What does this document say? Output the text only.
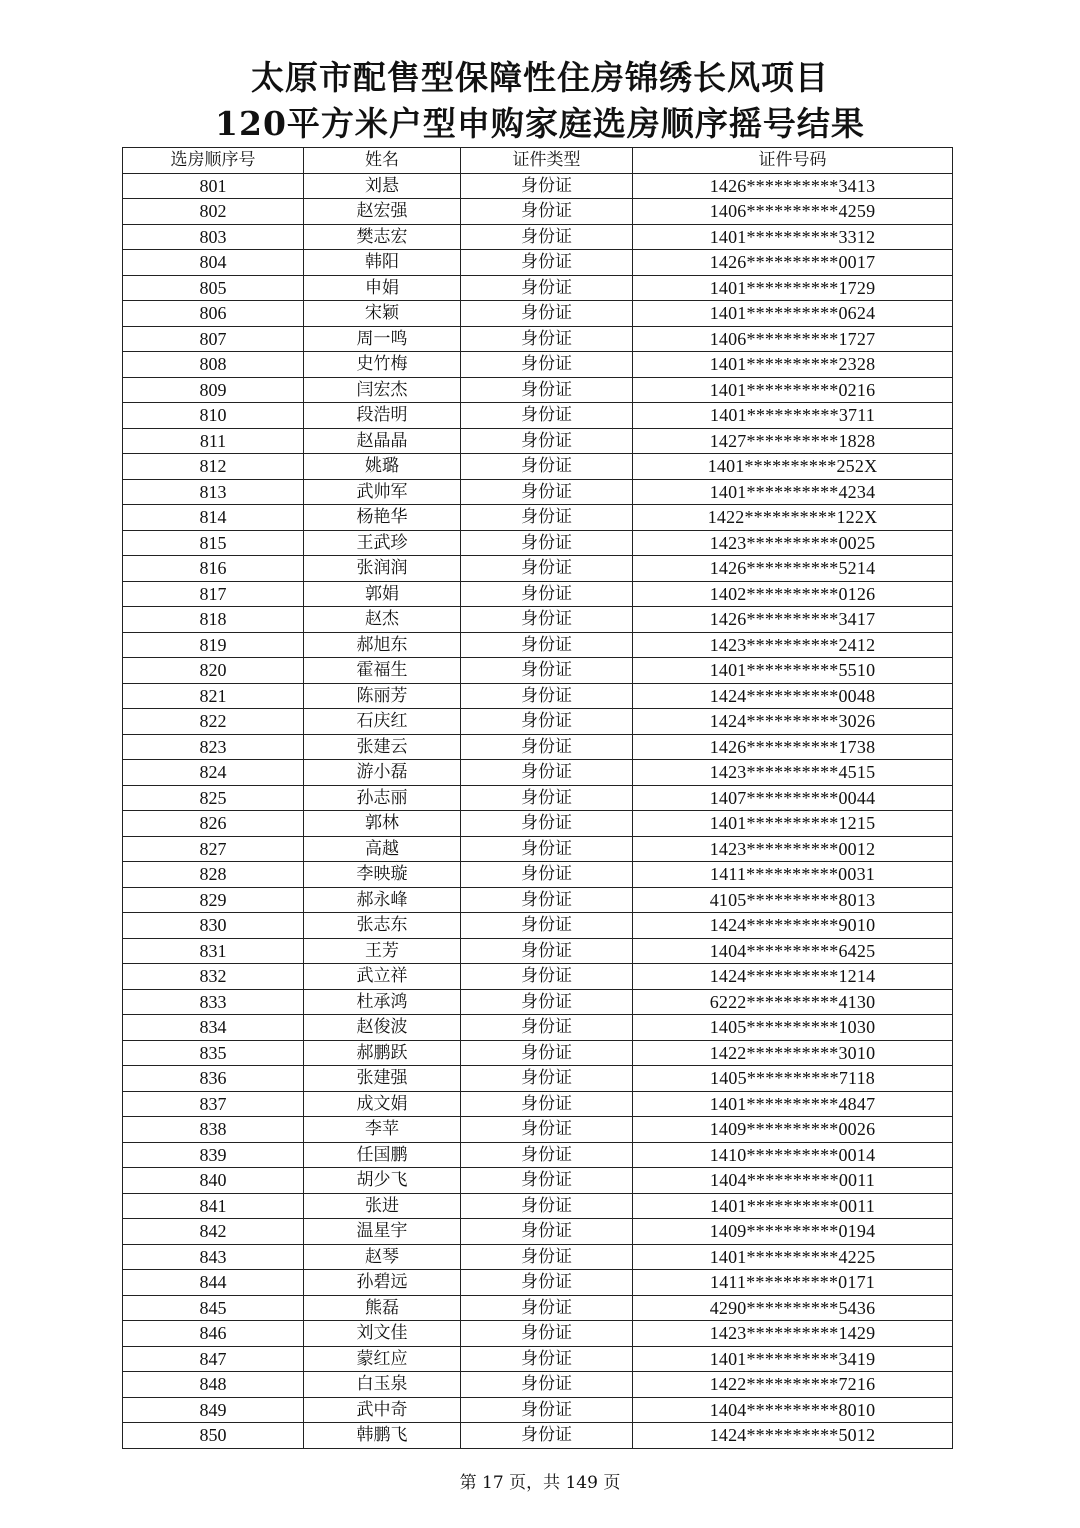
太原市配售型保障性住房锦绣长风项目
120平方米户型申购家庭选房顺序摇号结果
选房顺序号	姓名	证件类型	证件号码
801	刘悬	身份证	1426**********3413
802	赵宏强	身份证	1406**********4259
803	樊志宏	身份证	1401**********3312
804	韩阳	身份证	1426**********0017
805	申娟	身份证	1401**********1729
806	宋颖	身份证	1401**********0624
807	周一鸣	身份证	1406**********1727
808	史竹梅	身份证	1401**********2328
809	闫宏杰	身份证	1401**********0216
810	段浩明	身份证	1401**********3711
811	赵晶晶	身份证	1427**********1828
812	姚璐	身份证	1401**********252X
813	武帅军	身份证	1401**********4234
814	杨艳华	身份证	1422**********122X
815	王武珍	身份证	1423**********0025
816	张润润	身份证	1426**********5214
817	郭娟	身份证	1402**********0126
818	赵杰	身份证	1426**********3417
819	郝旭东	身份证	1423**********2412
820	霍福生	身份证	1401**********5510
821	陈丽芳	身份证	1424**********0048
822	石庆红	身份证	1424**********3026
823	张建云	身份证	1426**********1738
824	游小磊	身份证	1423**********4515
825	孙志丽	身份证	1407**********0044
826	郭林	身份证	1401**********1215
827	高越	身份证	1423**********0012
828	李映璇	身份证	1411**********0031
829	郝永峰	身份证	4105**********8013
830	张志东	身份证	1424**********9010
831	王芳	身份证	1404**********6425
832	武立祥	身份证	1424**********1214
833	杜承鸿	身份证	6222**********4130
834	赵俊波	身份证	1405**********1030
835	郝鹏跃	身份证	1422**********3010
836	张建强	身份证	1405**********7118
837	成文娟	身份证	1401**********4847
838	李苹	身份证	1409**********0026
839	任国鹏	身份证	1410**********0014
840	胡少飞	身份证	1404**********0011
841	张进	身份证	1401**********0011
842	温星宇	身份证	1409**********0194
843	赵琴	身份证	1401**********4225
844	孙碧远	身份证	1411**********0171
845	熊磊	身份证	4290**********5436
846	刘文佳	身份证	1423**********1429
847	蒙红应	身份证	1401**********3419
848	白玉泉	身份证	1422**********7216
849	武中奇	身份证	1404**********8010
850	韩鹏飞	身份证	1424**********5012
第 17 页，共 149 页
